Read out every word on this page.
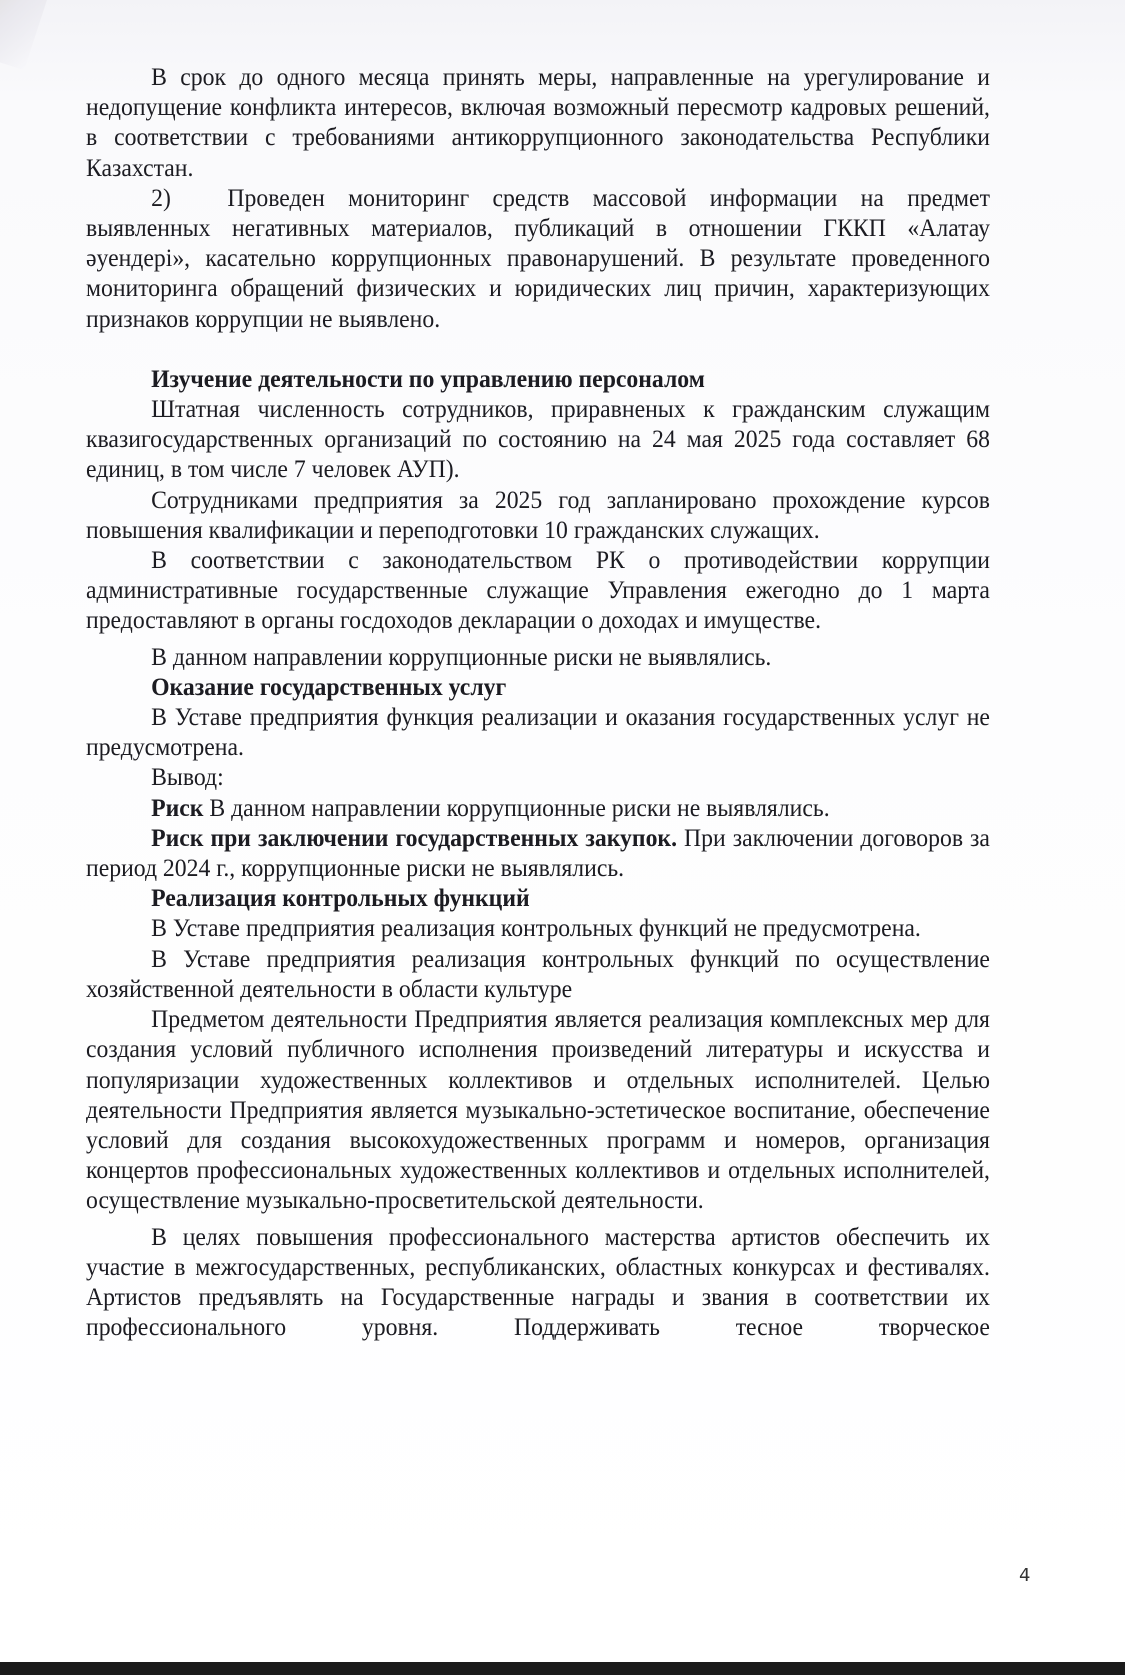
В срок до одного месяца принять меры, направленные на урегулирование и недопущение конфликта интересов, включая возможный пересмотр кадровых решений, в соответствии с требованиями антикоррупционного законодательства Республики Казахстан.

2) Проведен мониторинг средств массовой информации на предмет выявленных негативных материалов, публикаций в отношении ГККП «Алатау әуендері», касательно коррупционных правонарушений. В результате проведенного мониторинга обращений физических и юридических лиц причин, характеризующих признаков коррупции не выявлено.

Изучение деятельности по управлению персоналом

Штатная численность сотрудников, приравненых к гражданским служащим квазигосударственных организаций по состоянию на 24 мая 2025 года составляет 68 единиц, в том числе 7 человек АУП).

Сотрудниками предприятия за 2025 год запланировано прохождение курсов повышения квалификации и переподготовки 10 гражданских служащих.

В соответствии с законодательством РК о противодействии коррупции административные государственные служащие Управления ежегодно до 1 марта предоставляют в органы госдоходов декларации о доходах и имуществе.

В данном направлении коррупционные риски не выявлялись.

Оказание государственных услуг

В Уставе предприятия функция реализации и оказания государственных услуг не предусмотрена.

Вывод:

Риск В данном направлении коррупционные риски не выявлялись.

Риск при заключении государственных закупок. При заключении договоров за период 2024 г., коррупционные риски не выявлялись.

Реализация контрольных функций

В Уставе предприятия реализация контрольных функций не предусмотрена.

В Уставе предприятия реализация контрольных функций по осуществление хозяйственной деятельности в области культуре

Предметом деятельности Предприятия является реализация комплексных мер для создания условий публичного исполнения произведений литературы и искусства и популяризации художественных коллективов и отдельных исполнителей. Целью деятельности Предприятия является музыкально-эстетическое воспитание, обеспечение условий для создания высокохудожественных программ и номеров, организация концертов профессиональных художественных коллективов и отдельных исполнителей, осуществление музыкально-просветительской деятельности.

В целях повышения профессионального мастерства артистов обеспечить их участие в межгосударственных, республиканских, областных конкурсах и фестивалях. Артистов предъявлять на Государственные награды и звания в соответствии их профессионального уровня. Поддерживать тесное творческое

4
